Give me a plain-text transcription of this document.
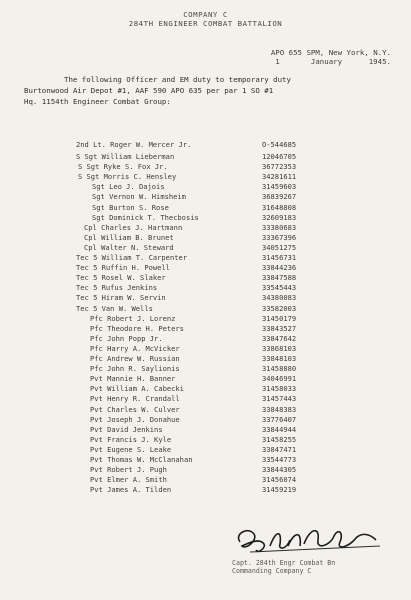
COMPANY C
284TH ENGINEER COMBAT BATTALION
APO 655 SPM, New York, N.Y.
1       January      1945.

The following Officer and EM duty to temporary duty

Burtonwood Air Depot #1, AAF 590 APO 635 per par 1 SO #1

Hq. 1154th Engineer Combat Group:

2nd Lt. Roger W. Mercer Jr.	O-544685
S Sgt William Lieberman	12046705
S Sgt Ryke S. Fox Jr.	36772353
S Sgt Morris C. Hensley	34281611
Sgt Leo J. Dajois	31459603
Sgt Vernon W. Himsheim	36839267
Sgt Burton S. Rose	31648808
Sgt Dominick T. Thecbosis	32609183
Cpl Charles J. Hartmann	33380683
Cpl William B. Brunet	33367396
Cpl Walter N. Steward	34051275
Tec 5 William T. Carpenter	31456731
Tec 5 Ruffin H. Powell	33844236
Tec 5 Rosel W. Slaker	33847588
Tec 5 Rufus Jenkins	33545443
Tec 5 Hiram W. Servin	34380083
Tec 5 Van W. Wells	33582003
Pfc Robert J. Lorenz	31450179
Pfc Theodore H. Peters	33843527
Pfc John Popp Jr.	33847642
Pfc Harry A. McVicker	33868103
Pfc Andrew W. Russian	33848103
Pfc John R. Saylionis	31458880
Pvt Mannie H. Banner	34046991
Pvt William A. Cabecki	31458033
Pvt Henry R. Crandall	31457443
Pvt Charles W. Culver	33848383
Pvt Joseph J. Donahue	33776407
Pvt David Jenkins	33844944
Pvt Francis J. Kyle	31458255
Pvt Eugene S. Leake	33847471
Pvt Thomas W. McClanahan	33544773
Pvt Robert J. Pugh	33844305
Pvt Elmer A. Smith	31456074
Pvt James A. Tilden	31459219
Capt. 284th Engr Combat Bn
Commanding Company C
